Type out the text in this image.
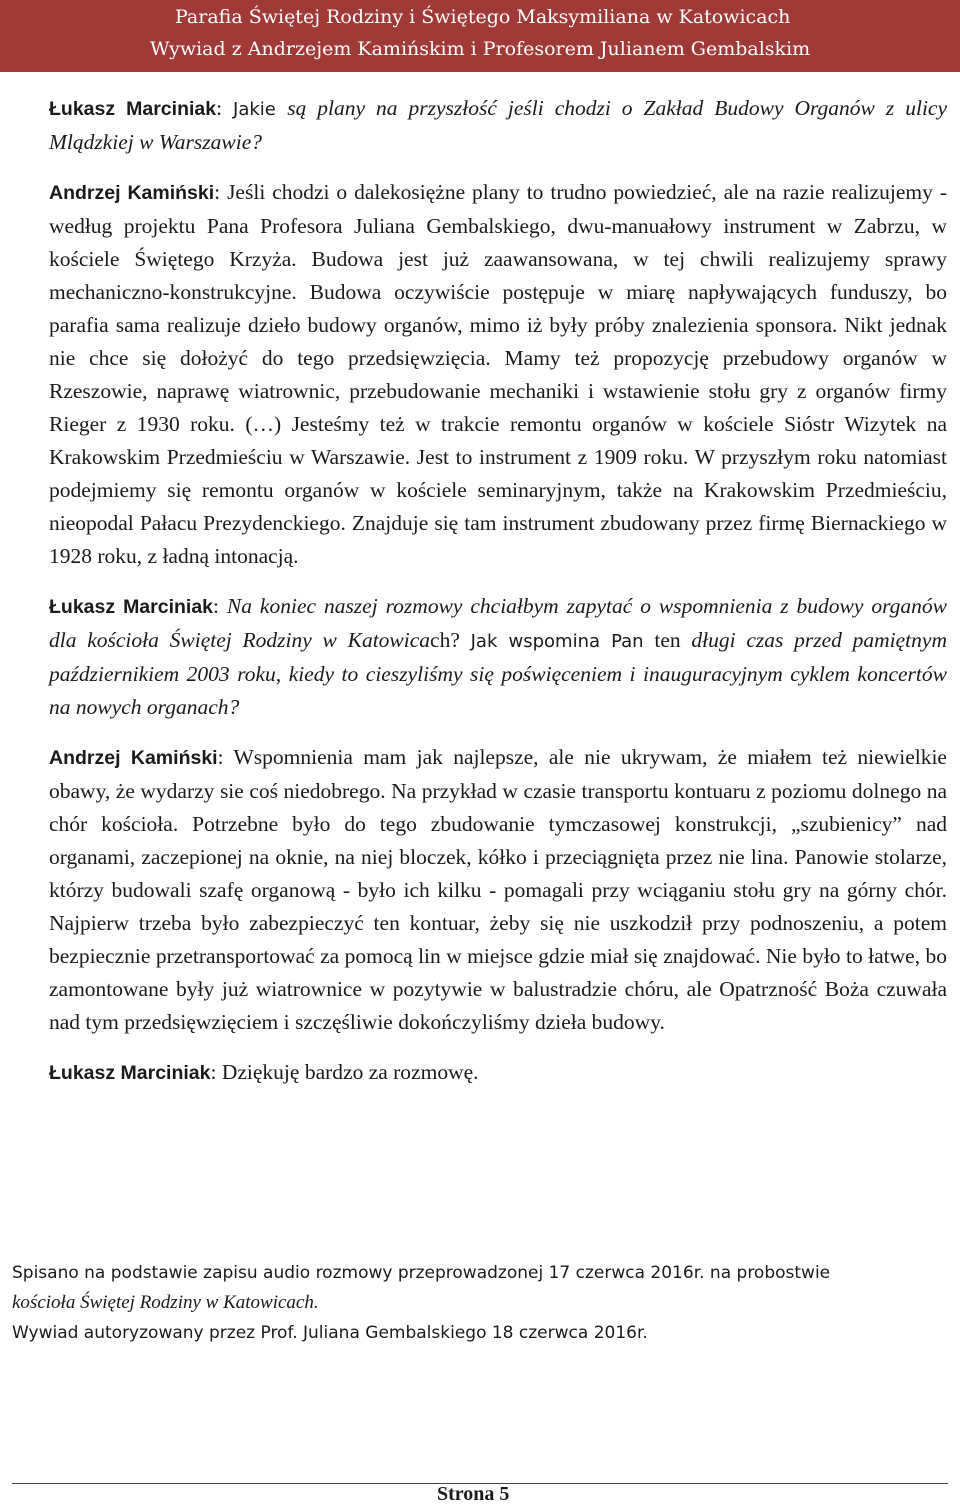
Parafia Świętej Rodziny i Świętego Maksymiliana w Katowicach
Wywiad z Andrzejem Kamińskim i Profesorem Julianem Gembalskim

Łukasz Marciniak: Jakie są plany na przyszłość jeśli chodzi o Zakład Budowy Organów z ulicy Mlądzkiej w Warszawie?

Andrzej Kamiński: Jeśli chodzi o dalekosiężne plany to trudno powiedzieć, ale na razie realizujemy - według projektu Pana Profesora Juliana Gembalskiego, dwu-manuałowy instrument w Zabrzu, w kościele Świętego Krzyża. Budowa jest już zaawansowana, w tej chwili realizujemy sprawy mechaniczno-konstrukcyjne. Budowa oczywiście postępuje w miarę napływających funduszy, bo parafia sama realizuje dzieło budowy organów, mimo iż były próby znalezienia sponsora. Nikt jednak nie chce się dołożyć do tego przedsięwzięcia. Mamy też propozycję przebudowy organów w Rzeszowie, naprawę wiatrownic, przebudowanie mechaniki i wstawienie stołu gry z organów firmy Rieger z 1930 roku. (…) Jesteśmy też w trakcie remontu organów w kościele Sióstr Wizytek na Krakowskim Przedmieściu w Warszawie. Jest to instrument z 1909 roku. W przyszłym roku natomiast podejmiemy się remontu organów w kościele seminaryjnym, także na Krakowskim Przedmieściu, nieopodal Pałacu Prezydenckiego. Znajduje się tam instrument zbudowany przez firmę Biernackiego w 1928 roku, z ładną intonacją.

Łukasz Marciniak: Na koniec naszej rozmowy chciałbym zapytać o wspomnienia z budowy organów dla kościoła Świętej Rodziny w Katowicach? Jak wspomina Pan ten długi czas przed pamiętnym październikiem 2003 roku, kiedy to cieszyliśmy się poświęceniem i inauguracyjnym cyklem koncertów na nowych organach?

Andrzej Kamiński: Wspomnienia mam jak najlepsze, ale nie ukrywam, że miałem też niewielkie obawy, że wydarzy sie coś niedobrego. Na przykład w czasie transportu kontuaru z poziomu dolnego na chór kościoła. Potrzebne było do tego zbudowanie tymczasowej konstrukcji, „szubienicy” nad organami, zaczepionej na oknie, na niej bloczek, kółko i przeciągnięta przez nie lina. Panowie stolarze, którzy budowali szafę organową - było ich kilku - pomagali przy wciąganiu stołu gry na górny chór. Najpierw trzeba było zabezpieczyć ten kontuar, żeby się nie uszkodził przy podnoszeniu, a potem bezpiecznie przetransportować za pomocą lin w miejsce gdzie miał się znajdować. Nie było to łatwe, bo zamontowane były już wiatrownice w pozytywie w balustradzie chóru, ale Opatrzność Boża czuwała nad tym przedsięwzięciem i szczęśliwie dokończyliśmy dzieła budowy.

Łukasz Marciniak: Dziękuję bardzo za rozmowę.

Spisano na podstawie zapisu audio rozmowy przeprowadzonej 17 czerwca 2016r. na probostwie
kościoła Świętej Rodziny w Katowicach.
Wywiad autoryzowany przez Prof. Juliana Gembalskiego 18 czerwca 2016r.
Strona 5
